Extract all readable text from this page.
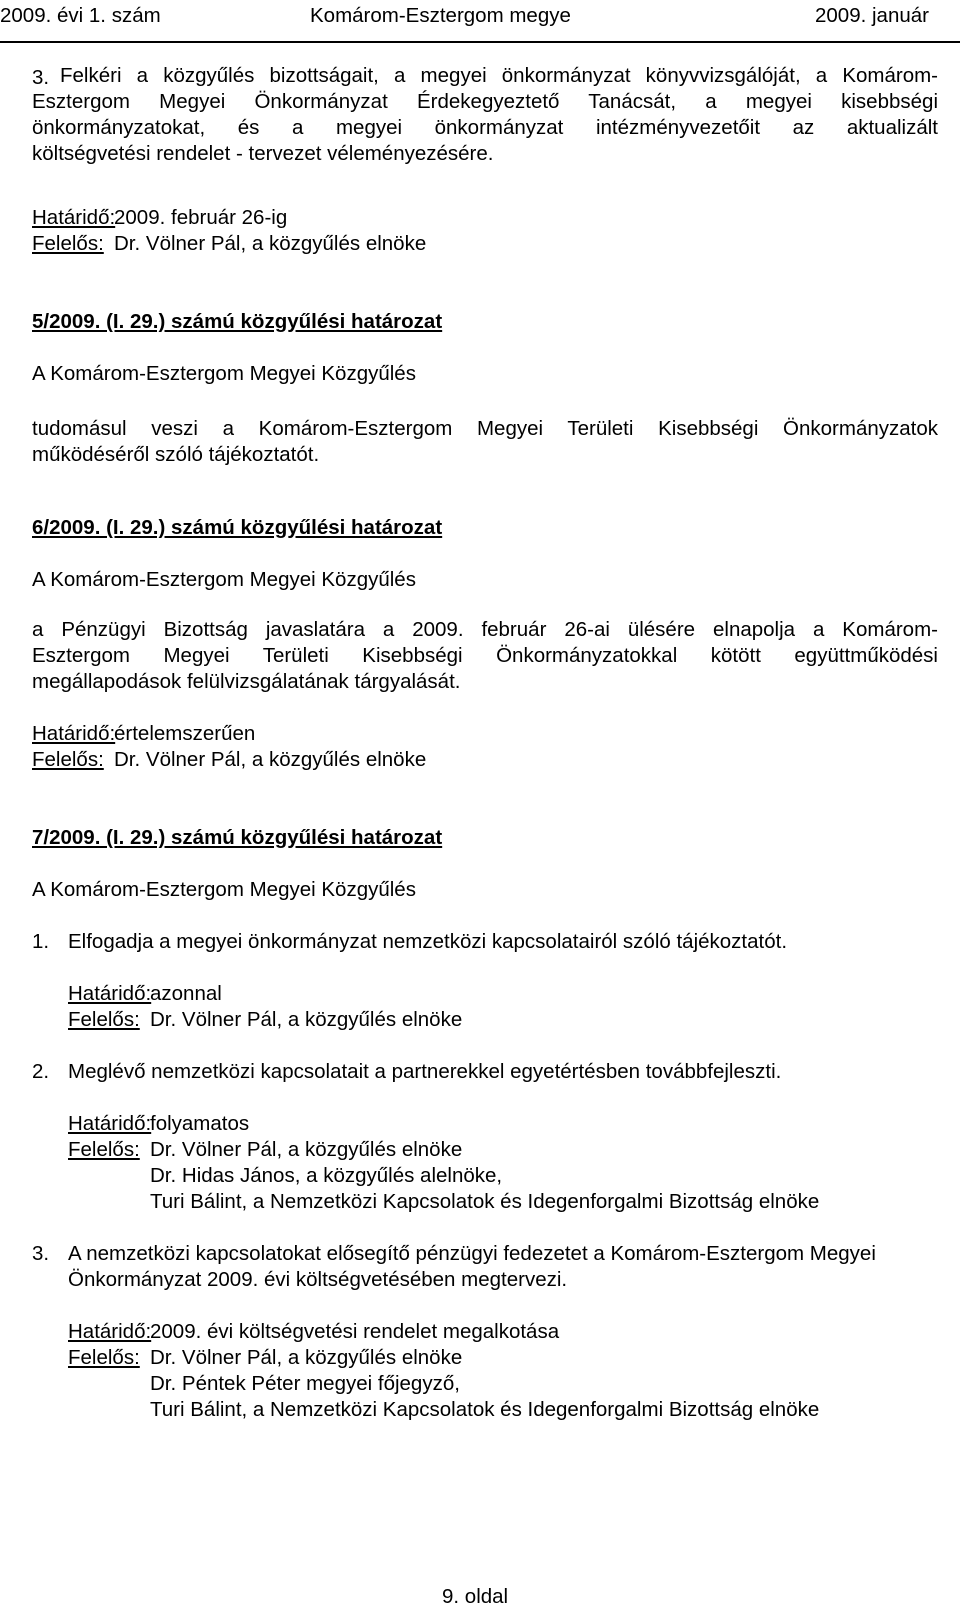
2009. évi 1. szám	Komárom-Esztergom megye	2009. január
3. Felkéri a közgyűlés bizottságait, a megyei önkormányzat könyvvizsgálóját, a Komárom-
Esztergom Megyei Önkormányzat Érdekegyeztető Tanácsát, a megyei kisebbségi
önkormányzatokat, és a megyei önkormányzat intézményvezetőit az aktualizált
költségvetési rendelet - tervezet véleményezésére.
Határidő:
2009. február 26-ig
Felelős: Dr. Völner Pál, a közgyűlés elnöke
5/2009. (I. 29.) számú közgyűlési határozat
A Komárom-Esztergom Megyei Közgyűlés
tudomásul veszi a Komárom-Esztergom Megyei Területi Kisebbségi Önkormányzatok
működéséről szóló tájékoztatót.
6/2009. (I. 29.) számú közgyűlési határozat
A Komárom-Esztergom Megyei Közgyűlés
a Pénzügyi Bizottság javaslatára a 2009. február 26-ai ülésére elnapolja a Komárom-
Esztergom Megyei Területi Kisebbségi Önkormányzatokkal kötött együttműködési
megállapodások felülvizsgálatának tárgyalását.
Határidő:
értelemszerűen
Felelős: Dr. Völner Pál, a közgyűlés elnöke
7/2009. (I. 29.) számú közgyűlési határozat
A Komárom-Esztergom Megyei Közgyűlés
1. Elfogadja a megyei önkormányzat nemzetközi kapcsolatairól szóló tájékoztatót.
Határidő:
azonnal
Felelős: Dr. Völner Pál, a közgyűlés elnöke
2. Meglévő nemzetközi kapcsolatait a partnerekkel egyetértésben továbbfejleszti.
Határidő:
folyamatos
Felelős: Dr. Völner Pál, a közgyűlés elnöke
Dr. Hidas János, a közgyűlés alelnöke,
Turi Bálint, a Nemzetközi Kapcsolatok és Idegenforgalmi Bizottság elnöke
3. A nemzetközi kapcsolatokat elősegítő pénzügyi fedezetet a Komárom-Esztergom Megyei
Önkormányzat 2009. évi költségvetésében megtervezi.
Határidő:
2009. évi költségvetési rendelet megalkotása
Felelős: Dr. Völner Pál, a közgyűlés elnöke
Dr. Péntek Péter megyei főjegyző,
Turi Bálint, a Nemzetközi Kapcsolatok és Idegenforgalmi Bizottság elnöke
9. oldal
